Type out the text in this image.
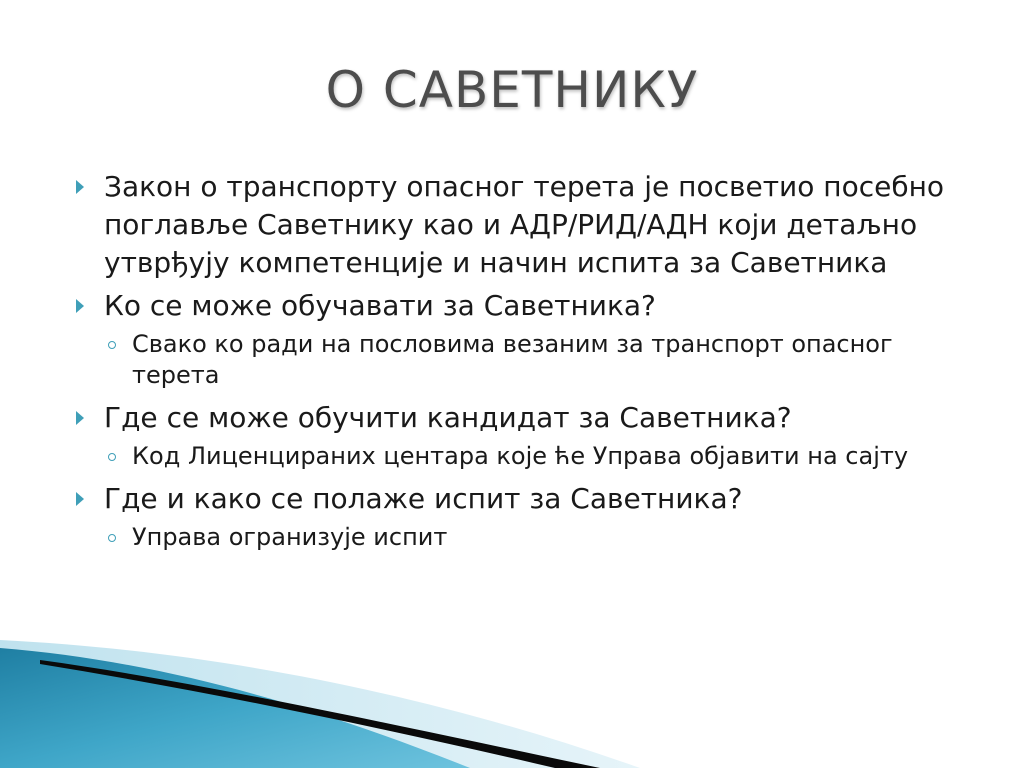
О САВЕТНИКУ
Закон о транспорту опасног терета је посветио посебно поглавље Саветнику као и АДР/РИД/АДН који детаљно утврђују компетенције и начин испита за Саветника
Ко се може обучавати за Саветника?
Свако ко ради на пословима везаним за транспорт опасног терета
Где се може обучити кандидат за Саветника?
Код Лиценцираних центара које ће Управа објавити на сајту
Где и како се полаже испит за Саветника?
Управа огранизује испит
